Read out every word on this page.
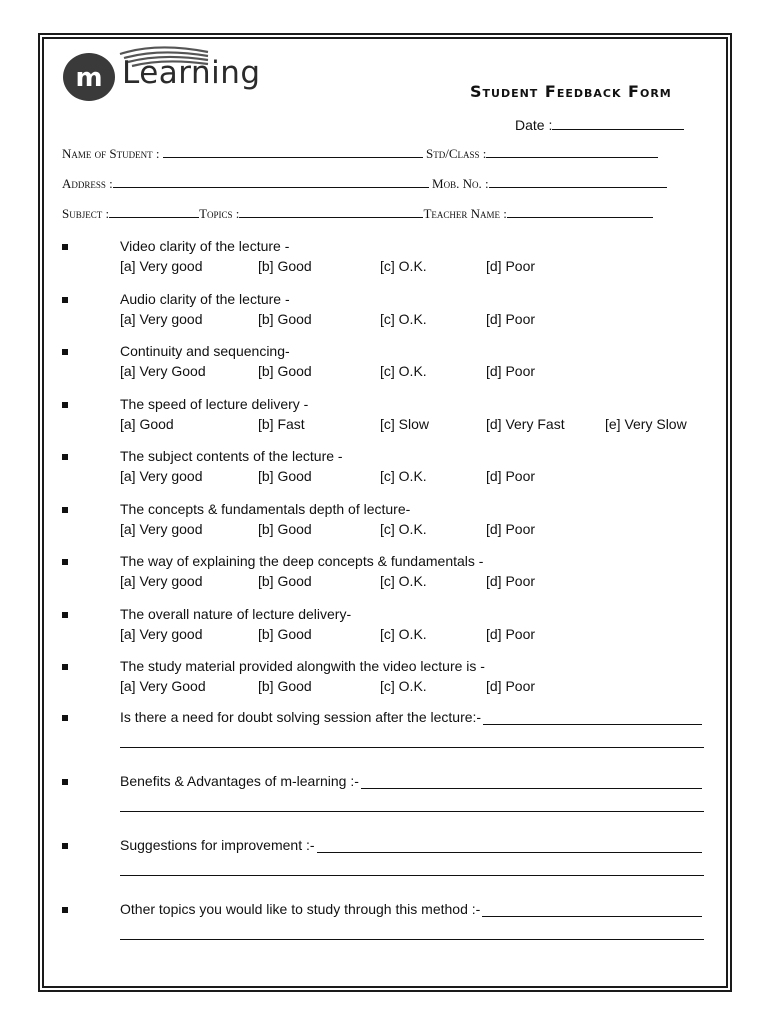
m Learning
Student Feedback Form
Date :
Name of Student :	Std/Class :
Address :	Mob. No. :
Subject :	Topics :	Teacher Name :
Video clarity of the lecture -
[a] Very good	[b] Good	[c] O.K.	[d] Poor
Audio clarity of the lecture -
[a] Very good	[b] Good	[c] O.K.	[d] Poor
Continuity and sequencing-
[a] Very Good	[b] Good	[c] O.K.	[d] Poor
The speed of lecture delivery -
[a] Good	[b] Fast	[c] Slow	[d] Very Fast	[e] Very Slow
The subject contents of the lecture -
[a] Very good	[b] Good	[c] O.K.	[d] Poor
The concepts & fundamentals depth of lecture-
[a] Very good	[b] Good	[c] O.K.	[d] Poor
The way of explaining the deep concepts & fundamentals -
[a] Very good	[b] Good	[c] O.K.	[d] Poor
The overall nature of lecture delivery-
[a] Very good	[b] Good	[c] O.K.	[d] Poor
The study material provided alongwith the video lecture is -
[a] Very Good	[b] Good	[c] O.K.	[d] Poor
Is there a need for doubt solving session after the lecture:-
Benefits & Advantages of m-learning :-
Suggestions for improvement :-
Other topics you would like to study through this method :-
